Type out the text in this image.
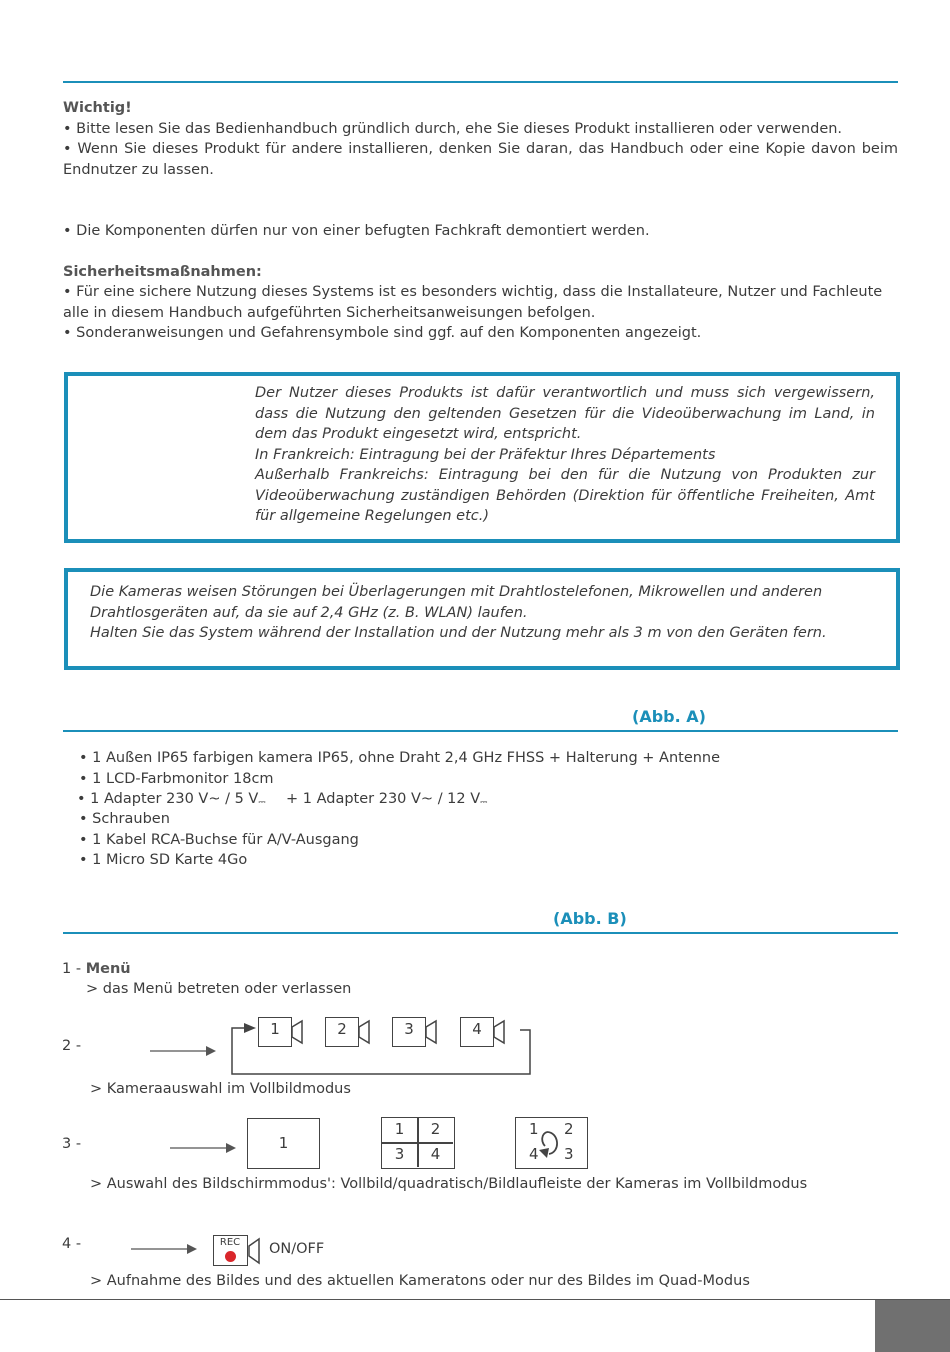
Wichtig!
• Bitte lesen Sie das Bedienhandbuch gründlich durch, ehe Sie dieses Produkt installieren oder verwenden.
• Wenn Sie dieses Produkt für andere installieren, denken Sie daran, das Handbuch oder eine Kopie davon beim Endnutzer zu lassen.
• Die Komponenten dürfen nur von einer befugten Fachkraft demontiert werden.
Sicherheitsmaßnahmen:
• Für eine sichere Nutzung dieses Systems ist es besonders wichtig, dass die Installateure, Nutzer und Fachleute alle in diesem Handbuch aufgeführten Sicherheitsanweisungen befolgen.
• Sonderanweisungen und Gefahrensymbole sind ggf. auf den Komponenten angezeigt.

Der Nutzer dieses Produkts ist dafür verantwortlich und muss sich vergewissern, dass die Nutzung den geltenden Gesetzen für die Videoüberwachung im Land, in dem das Produkt eingesetzt wird, entspricht.

In Frankreich: Eintragung bei der Präfektur Ihres Départements

Außerhalb Frankreichs: Eintragung bei den für die Nutzung von Produkten zur Videoüberwachung zuständigen Behörden (Direktion für öffentliche Freiheiten, Amt für allgemeine Regelungen etc.)

Die Kameras weisen Störungen bei Überlagerungen mit Drahtlostelefonen, Mikrowellen und anderen Drahtlosgeräten auf, da sie auf 2,4 GHz (z. B. WLAN) laufen.

Halten Sie das System während der Installation und der Nutzung mehr als 3 m von den Geräten fern.

(Abb. A)
• 1 Außen IP65 farbigen kamera IP65, ohne Draht 2,4 GHz FHSS + Halterung + Antenne
• 1 LCD-Farbmonitor 18cm
• 1 Adapter 230 V~ / 5 V⎓ + 1 Adapter 230 V~ / 12 V⎓
• Schrauben
• 1 Kabel RCA-Buchse für A/V-Ausgang
• 1 Micro SD Karte 4Go
(Abb. B)
1 - Menü
> das Menü betreten oder verlassen
2 -
1	2	3	4
> Kameraauswahl im Vollbildmodus
3 -	1
1	2
3	4
1 2
4 3
> Auswahl des Bildschirmmodus': Vollbild/quadratisch/Bildlaufleiste der Kameras im Vollbildmodus
4 -	REC	ON/OFF
> Aufnahme des Bildes und des aktuellen Kameratons oder nur des Bildes im Quad-Modus
